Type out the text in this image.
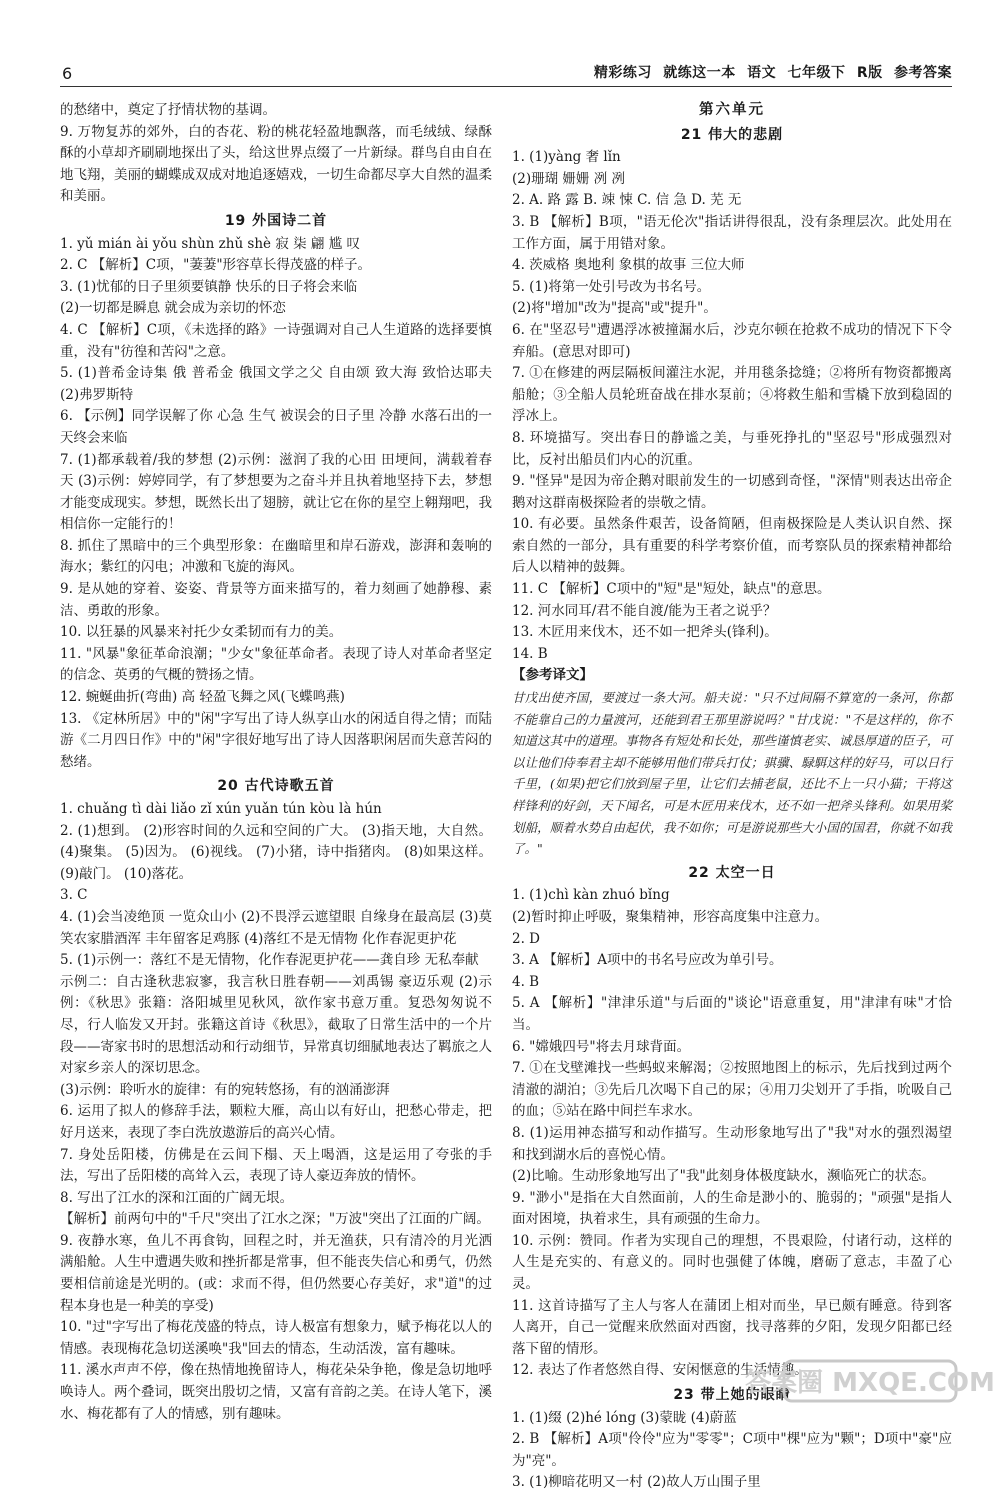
6	精彩练习 就练这一本 语文 七年级下 R版 参考答案

的愁绪中，奠定了抒情状物的基调。

9. 万物复苏的郊外，白的杏花、粉的桃花轻盈地飘落，而毛绒绒、绿酥酥的小草却齐刷刷地探出了头，给这世界点缀了一片新绿。群鸟自由自在地飞翔，美丽的蝴蝶成双成对地追逐嬉戏，一切生命都尽享大自然的温柔和美丽。

19 外国诗二首

1. yǔ mián ài yǒu shùn zhǔ shè 寂 柒 翩 尴 叹

2. C 【解析】C项，"萋萋"形容草长得茂盛的样子。

3. (1)忧郁的日子里须要镇静 快乐的日子将会来临

(2)一切都是瞬息 就会成为亲切的怀恋

4. C 【解析】C项，《未选择的路》一诗强调对自己人生道路的选择要慎重，没有"彷徨和苦闷"之意。

5. (1)普希金诗集 俄 普希金 俄国文学之父 自由颂 致大海 致恰达耶夫 (2)弗罗斯特

6. 【示例】同学误解了你 心急 生气 被误会的日子里 冷静 水落石出的一天终会来临

7. (1)都承载着/我的梦想 (2)示例：滋润了我的心田 田埂间，满载着春天 (3)示例：婷婷同学，有了梦想要为之奋斗并且执着地坚持下去，梦想才能变成现实。梦想，既然长出了翅膀，就让它在你的星空上翱翔吧，我相信你一定能行的！

8. 抓住了黑暗中的三个典型形象：在幽暗里和岸石游戏，澎湃和轰响的海水；紫红的闪电；冲激和飞旋的海风。

9. 是从她的穿着、姿姿、背景等方面来描写的，着力刻画了她静穆、素洁、勇敢的形象。

10. 以狂暴的风暴来衬托少女柔韧而有力的美。

11. "风暴"象征革命浪潮；"少女"象征革命者。表现了诗人对革命者坚定的信念、英勇的气概的赞扬之情。

12. 蜿蜒曲折(弯曲) 高 轻盈飞舞之风(飞蝶鸣燕)

13. 《定林所居》中的"闲"字写出了诗人纵享山水的闲适自得之情；而陆游《二月四日作》中的"闲"字很好地写出了诗人因落职闲居而失意苦闷的愁绪。

20 古代诗歌五首

1. chuǎng tì dài liǎo zǐ xún yuǎn tún kòu là hún

2. (1)想到。 (2)形容时间的久远和空间的广大。 (3)指天地，大自然。 (4)聚集。 (5)因为。 (6)视线。 (7)小猪，诗中指猪肉。 (8)如果这样。 (9)敲门。 (10)落花。

3. C

4. (1)会当凌绝顶 一览众山小 (2)不畏浮云遮望眼 自缘身在最高层 (3)莫笑农家腊酒浑 丰年留客足鸡豚 (4)落红不是无情物 化作春泥更护花

5. (1)示例一：落红不是无情物，化作春泥更护花——龚自珍 无私奉献

示例二：自古逢秋悲寂寥，我言秋日胜春朝——刘禹锡 豪迈乐观 (2)示例：《秋思》张籍：洛阳城里见秋风，欲作家书意万重。复恐匆匆说不尽，行人临发又开封。张籍这首诗《秋思》，截取了日常生活中的一个片段——寄家书时的思想活动和行动细节，异常真切细腻地表达了羁旅之人对家乡亲人的深切思念。

(3)示例：聆听水的旋律：有的宛转悠扬，有的汹涌澎湃

6. 运用了拟人的修辞手法，颗粒大雁，高山以有好山，把愁心带走，把好月送来，表现了李白洗放遨游后的高兴心情。

7. 身处岳阳楼，仿佛是在云间下榻、天上喝酒，这是运用了夸张的手法，写出了岳阳楼的高耸入云，表现了诗人豪迈奔放的情怀。

8. 写出了江水的深和江面的广阔无垠。

【解析】前两句中的"千尺"突出了江水之深；"万波"突出了江面的广阔。

9. 夜静水寒，鱼儿不再食钩，回程之时，并无渔获，只有清冷的月光洒满船舱。人生中遭遇失败和挫折都是常事，但不能丧失信心和勇气，仍然要相信前途是光明的。(或：求而不得，但仍然要心存美好，求"道"的过程本身也是一种美的享受)

10. "过"字写出了梅花茂盛的特点，诗人极富有想象力，赋予梅花以人的情感。表现梅花急切送溪唤"我"回去的情态，生动活泼，富有趣味。

11. 溪水声声不停，像在热情地挽留诗人，梅花朵朵争艳，像是急切地呼唤诗人。两个叠词，既突出殷切之情，又富有音韵之美。在诗人笔下，溪水、梅花都有了人的情感，别有趣味。

第六单元

21 伟大的悲剧

1. (1)yàng 奢 lǐn

(2)珊瑚 姗姗 冽 冽

2. A. 路 露 B. 竦 悚 C. 信 急 D. 芜 无

3. B 【解析】B项，"语无伦次"指话讲得很乱，没有条理层次。此处用在工作方面，属于用错对象。

4. 茨威格 奥地利 象棋的故事 三位大师

5. (1)将第一处引号改为书名号。

(2)将"增加"改为"提高"或"提升"。

6. 在"坚忍号"遭遇浮冰被撞漏水后，沙克尔顿在抢救不成功的情况下下令弃船。(意思对即可)

7. ①在修建的两层隔板间灌注水泥，并用毯条捻缝；②将所有物资都搬离船舱；③全船人员轮班奋战在排水泵前；④将救生船和雪橇下放到稳固的浮冰上。

8. 环境描写。突出春日的静谧之美，与垂死挣扎的"坚忍号"形成强烈对比，反衬出船员们内心的沉重。

9. "怪异"是因为帝企鹅对眼前发生的一切感到奇怪，"深情"则表达出帝企鹅对这群南极探险者的崇敬之情。

10. 有必要。虽然条件艰苦，设备简陋，但南极探险是人类认识自然、探索自然的一部分，具有重要的科学考察价值，而考察队员的探索精神都给后人以精神的鼓舞。

11. C 【解析】C项中的"短"是"短处，缺点"的意思。

12. 河水同耳/君不能自渡/能为王者之说乎？

13. 木匠用来伐木，还不如一把斧头(锋利)。

14. B

【参考译文】

甘戊出使齐国，要渡过一条大河。船夫说："只不过间隔不算宽的一条河，你都不能靠自己的力量渡河，还能到君王那里游说吗？"甘戊说："不是这样的，你不知道这其中的道理。事物各有短处和长处，那些谨慎老实、诚恳厚道的臣子，可以让他们侍奉君主却不能够用他们带兵打仗；骐骥、騄駬这样的好马，可以日行千里，(如果)把它们放到屋子里，让它们去捕老鼠，还比不上一只小猫；干将这样锋利的好剑，天下闻名，可是木匠用来伐木，还不如一把斧头锋利。如果用桨划船，顺着水势自由起伏，我不如你；可是游说那些大小国的国君，你就不如我了。"

22 太空一日

1. (1)chì kàn zhuó bǐng

(2)暂时抑止呼吸，聚集精神，形容高度集中注意力。

2. D

3. A 【解析】A项中的书名号应改为单引号。

4. B

5. A 【解析】"津津乐道"与后面的"谈论"语意重复，用"津津有味"才恰当。

6. "嫦娥四号"将去月球背面。

7. ①在戈壁滩找一些蚂蚁来解渴；②按照地图上的标示，先后找到过两个清澈的湖泊；③先后几次喝下自己的尿；④用刀尖划开了手指，吮吸自己的血；⑤站在路中间拦车求水。

8. (1)运用神态描写和动作描写。生动形象地写出了"我"对水的强烈渴望和找到湖水后的喜悦心情。

(2)比喻。生动形象地写出了"我"此刻身体极度缺水，濒临死亡的状态。

9. "渺小"是指在大自然面前，人的生命是渺小的、脆弱的；"顽强"是指人面对困境，执着求生，具有顽强的生命力。

10. 示例：赞同。作者为实现自己的理想，不畏艰险，付诸行动，这样的人生是充实的、有意义的。同时也强健了体魄，磨砺了意志，丰盈了心灵。

11. 这首诗描写了主人与客人在蒲团上相对而坐，早已颇有睡意。待到客人离开，自己一觉醒来欣然面对西窗，找寻落葬的夕阳，发现夕阳都已经落下留的情形。

12. 表达了作者悠然自得、安闲惬意的生活情趣。

23 带上她的眼睛

1. (1)缀 (2)hé lóng (3)蒙眬 (4)蔚蓝

2. B 【解析】A项"伶伶"应为"零零"；C项中"棵"应为"颗"；D项中"豪"应为"亮"。

3. (1)柳暗花明又一村 (2)故人万山围子里

答案圈 MXQE.COM
